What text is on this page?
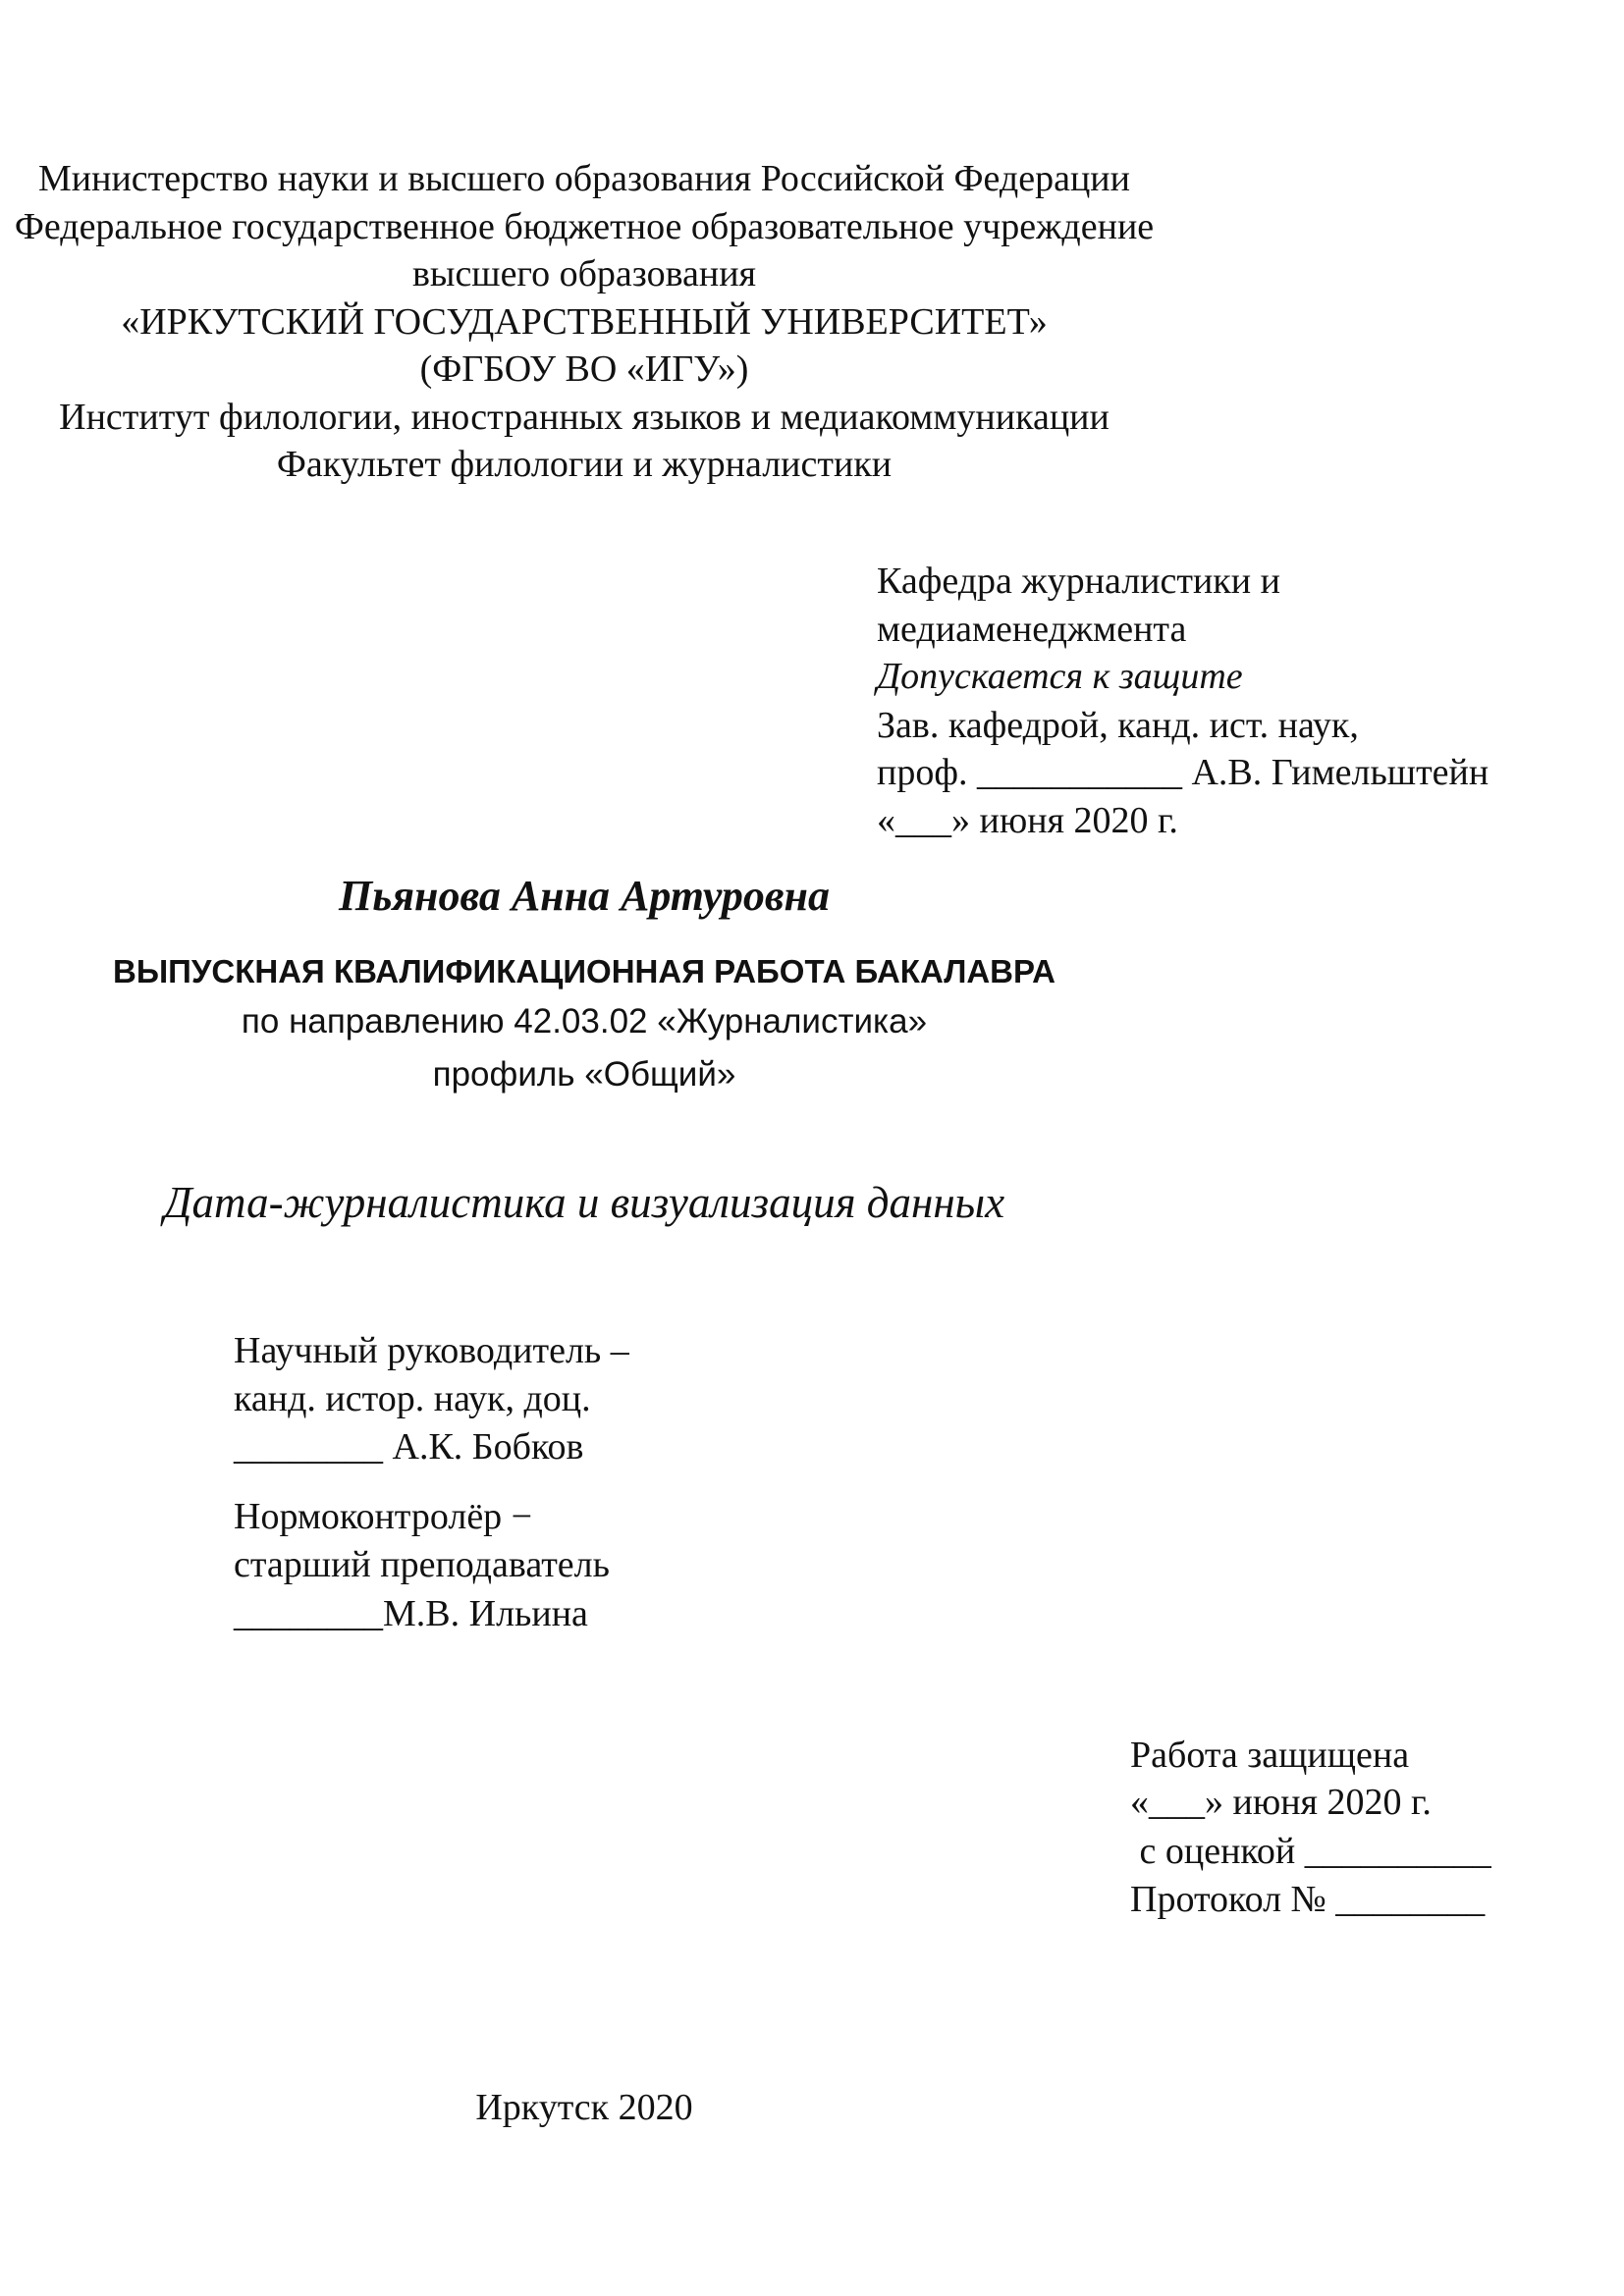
Министерство науки и высшего образования Российской Федерации
Федеральное государственное бюджетное образовательное учреждение
высшего образования
«ИРКУТСКИЙ ГОСУДАРСТВЕННЫЙ УНИВЕРСИТЕТ»
(ФГБОУ ВО «ИГУ»)
Институт филологии, иностранных языков и медиакоммуникации
Факультет филологии и журналистики
Кафедра журналистики и
медиаменеджмента
Допускается к защите
Зав. кафедрой, канд. ист. наук,
проф. ___________ А.В. Гимельштейн
«___» июня 2020 г.
Пьянова Анна Артуровна
ВЫПУСКНАЯ КВАЛИФИКАЦИОННАЯ РАБОТА БАКАЛАВРА
по направлению 42.03.02 «Журналистика»
профиль «Общий»
Дата-журналистика и визуализация данных
Научный руководитель –
канд. истор. наук, доц.
________ А.К. Бобков
Нормоконтролёр −
старший преподаватель
________М.В. Ильина
Работа защищена
«___» июня 2020 г.
с оценкой __________
Протокол № ________
Иркутск 2020
